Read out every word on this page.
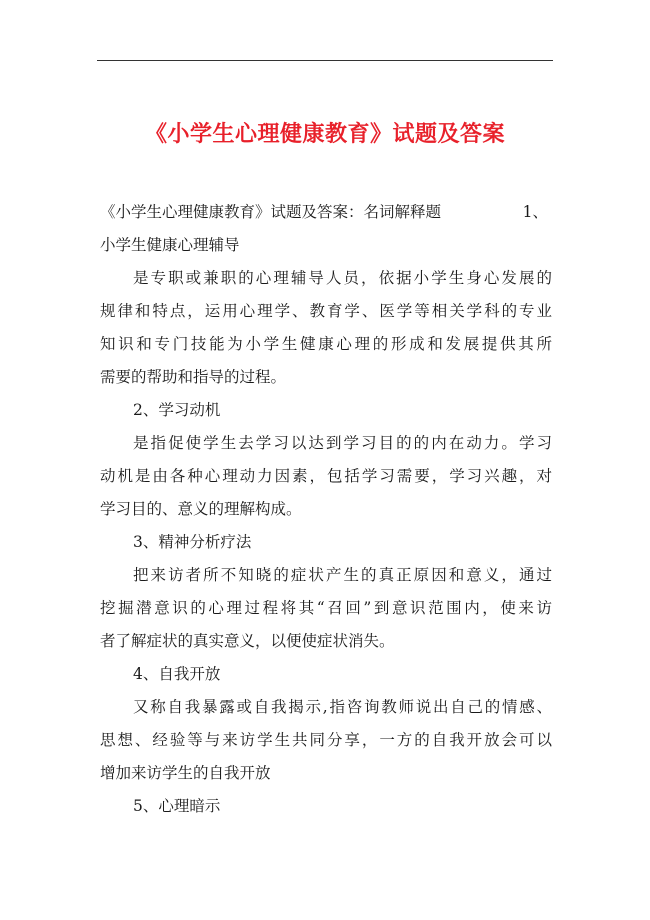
《小学生心理健康教育》试题及答案
《小学生心理健康教育》试题及答案：名词解释题	1、
小学生健康心理辅导
是专职或兼职的心理辅导人员，依据小学生身心发展的
规律和特点，运用心理学、教育学、医学等相关学科的专业
知识和专门技能为小学生健康心理的形成和发展提供其所
需要的帮助和指导的过程。
2、学习动机
是指促使学生去学习以达到学习目的的内在动力。学习
动机是由各种心理动力因素，包括学习需要，学习兴趣，对
学习目的、意义的理解构成。
3、精神分析疗法
把来访者所不知晓的症状产生的真正原因和意义，通过
挖掘潜意识的心理过程将其“召回”到意识范围内，使来访
者了解症状的真实意义，以便使症状消失。
4、自我开放
又称自我暴露或自我揭示,指咨询教师说出自己的情感、
思想、经验等与来访学生共同分享，一方的自我开放会可以
增加来访学生的自我开放
5、心理暗示
